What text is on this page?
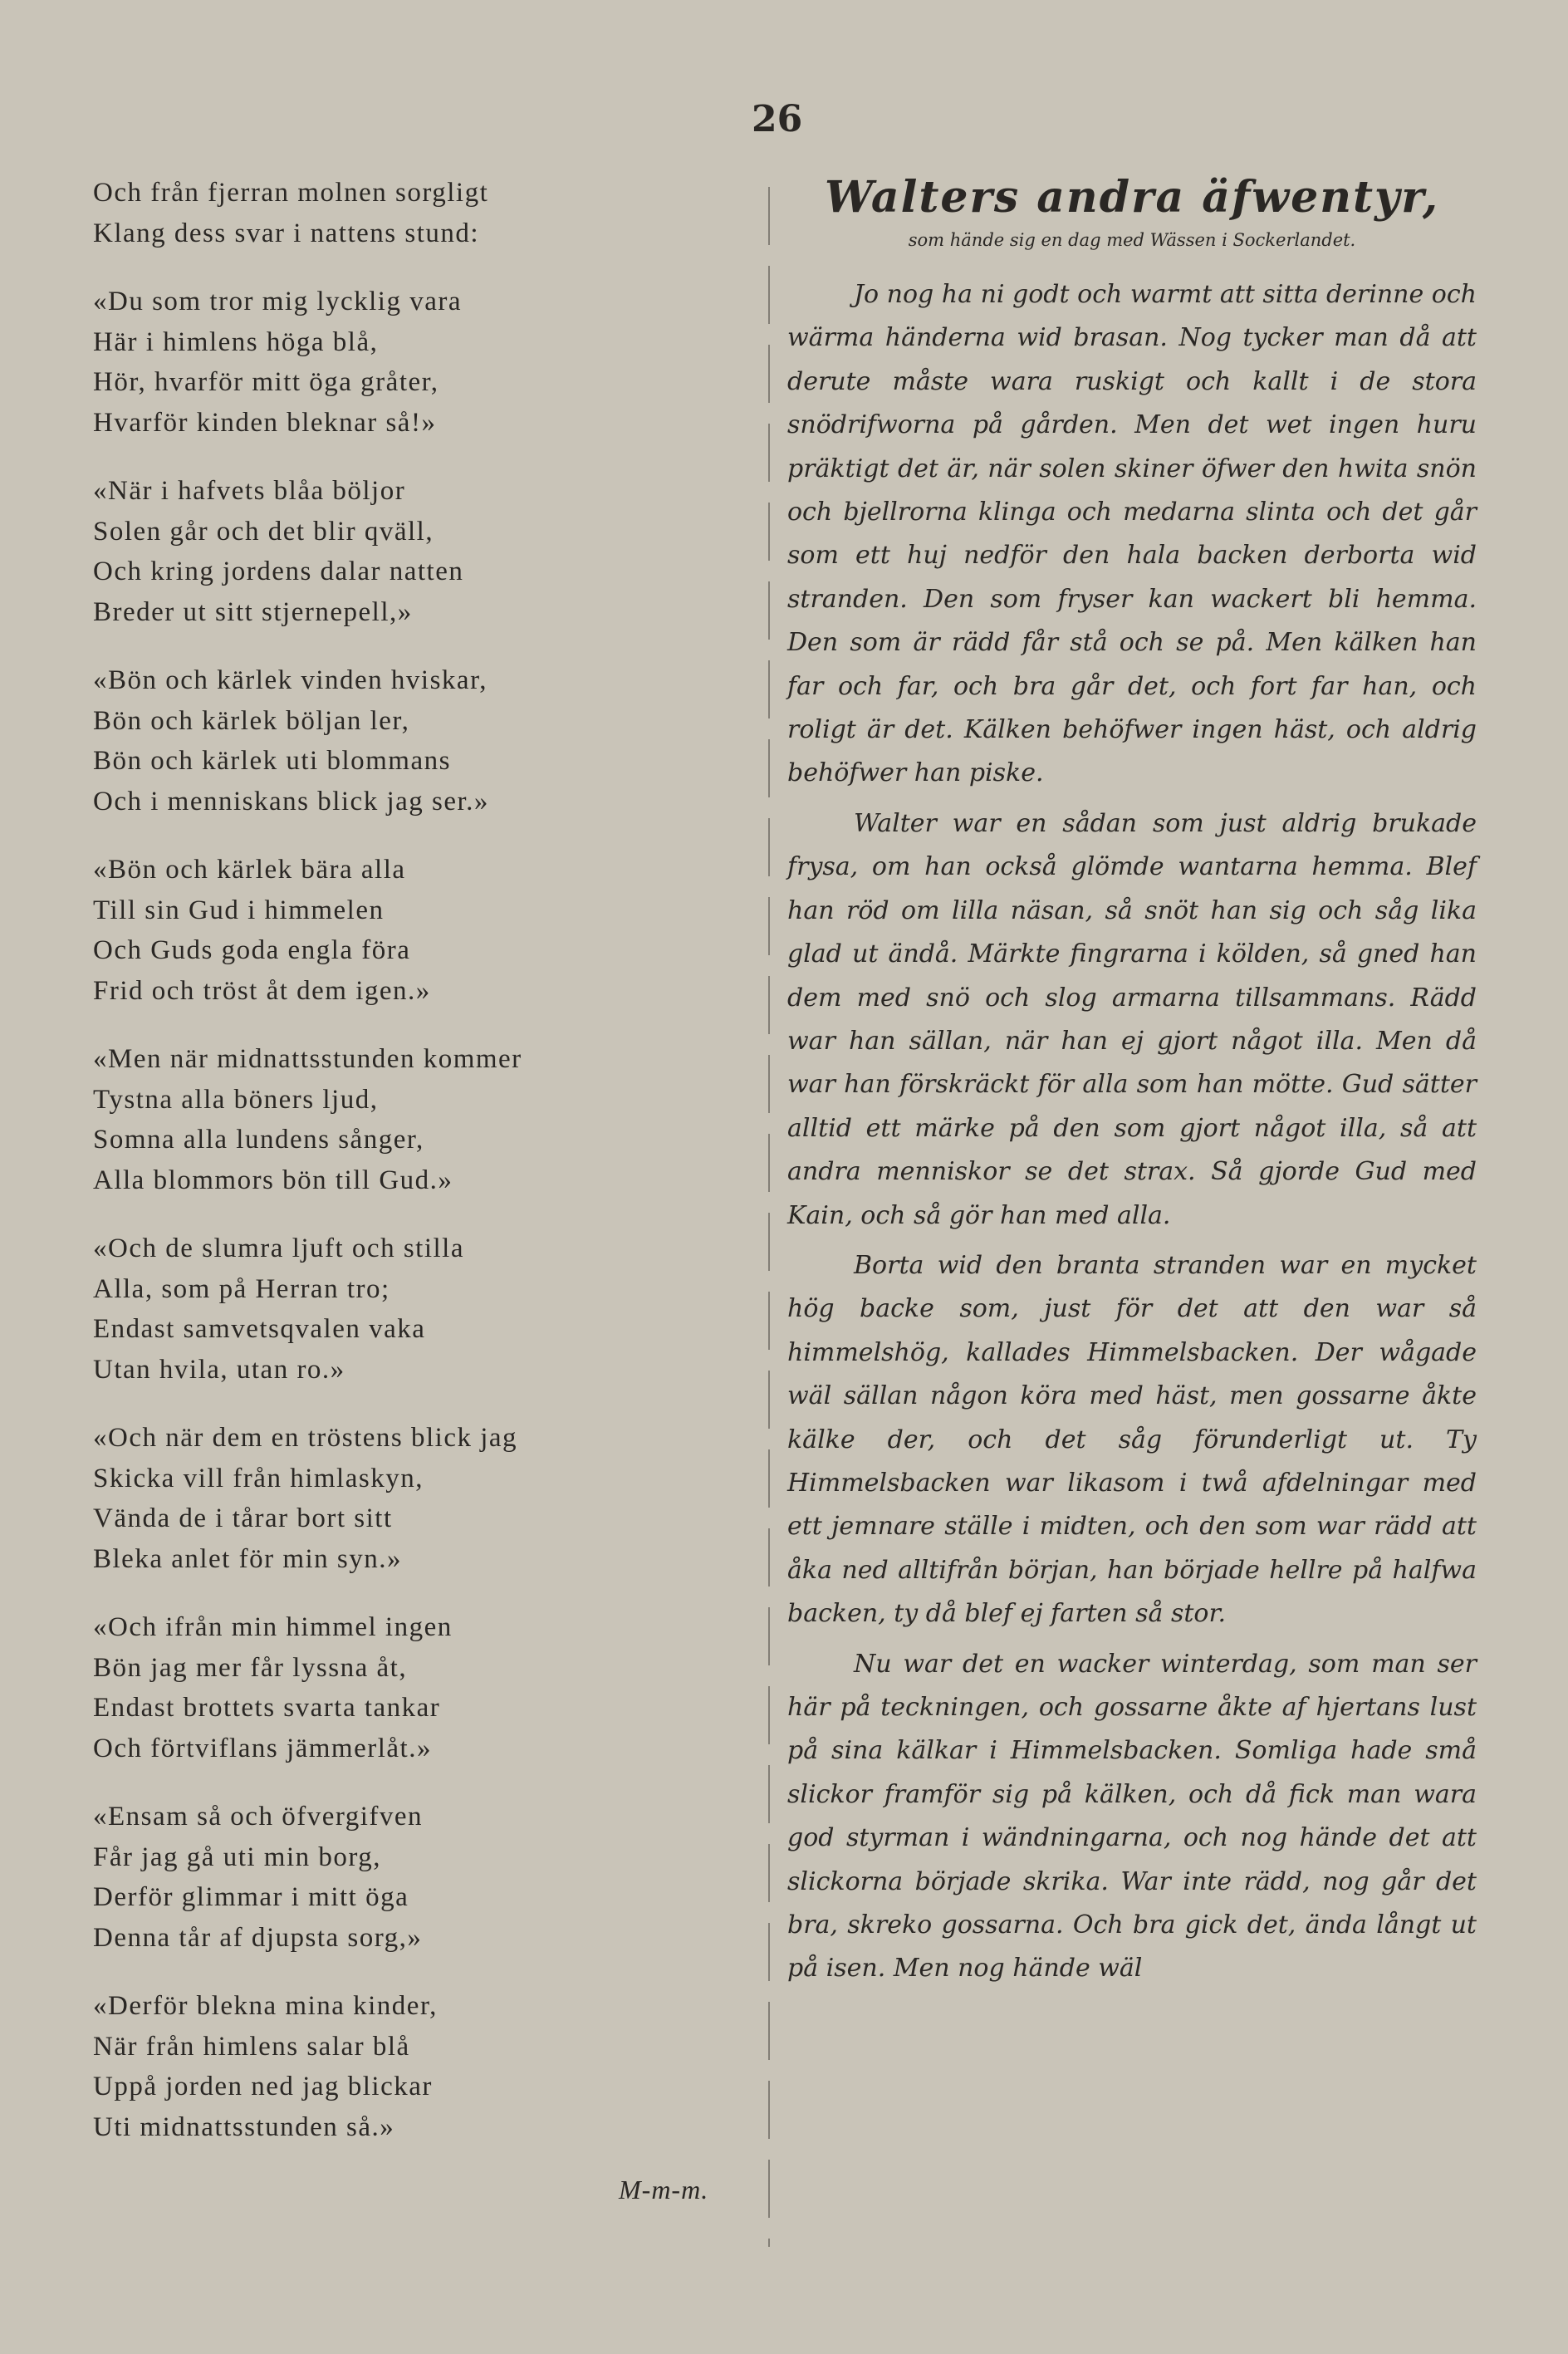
26
Och från fjerran molnen sorgligt
Klang dess svar i nattens stund:
«Du som tror mig lycklig vara
Här i himlens höga blå,
Hör, hvarför mitt öga gråter,
Hvarför kinden bleknar så!»
«När i hafvets blåa böljor
Solen går och det blir qväll,
Och kring jordens dalar natten
Breder ut sitt stjernepell,»
«Bön och kärlek vinden hviskar,
Bön och kärlek böljan ler,
Bön och kärlek uti blommans
Och i menniskans blick jag ser.»
«Bön och kärlek bära alla
Till sin Gud i himmelen
Och Guds goda engla föra
Frid och tröst åt dem igen.»
«Men när midnattsstunden kommer
Tystna alla böners ljud,
Somna alla lundens sånger,
Alla blommors bön till Gud.»
«Och de slumra ljuft och stilla
Alla, som på Herran tro;
Endast samvetsqvalen vaka
Utan hvila, utan ro.»
«Och när dem en tröstens blick jag
Skicka vill från himlaskyn,
Vända de i tårar bort sitt
Bleka anlet för min syn.»
«Och ifrån min himmel ingen
Bön jag mer får lyssna åt,
Endast brottets svarta tankar
Och förtviflans jämmerlåt.»
«Ensam så och öfvergifven
Får jag gå uti min borg,
Derför glimmar i mitt öga
Denna tår af djupsta sorg,»
«Derför bleknа mina kinder,
När från himlens salar blå
Uppå jorden ned jag blickar
Uti midnattsstunden så.»
M-m-m.
Walters andra äfwentyr,
som hände sig en dag med Wässen i Sockerlandet.

Jo nog ha ni godt och warmt att sitta derinne och wärma händerna wid brasan. Nog tycker man då att derute måste wara ruskigt och kallt i de stora snödrifworna på gården. Men det wet ingen huru präktigt det är, när solen skiner öfwer den hwita snön och bjellrorna klinga och medarna slinta och det går som ett huj nedför den hala backen derborta wid stranden. Den som fryser kan wackert bli hemma. Den som är rädd får stå och se på. Men kälken han far och far, och bra går det, och fort far han, och roligt är det. Kälken behöfwer ingen häst, och aldrig behöfwer han piske.

Walter war en sådan som just aldrig brukade frysa, om han också glömde wantarna hemma. Blef han röd om lilla näsan, så snöt han sig och såg lika glad ut ändå. Märkte fingrarna i kölden, så gned han dem med snö och slog armarna tillsammans. Rädd war han sällan, när han ej gjort något illa. Men då war han förskräckt för alla som han mötte. Gud sätter alltid ett märke på den som gjort något illa, så att andra menniskor se det strax. Så gjorde Gud med Kain, och så gör han med alla.

Borta wid den branta stranden war en mycket hög backe som, just för det att den war så himmelshög, kallades Himmelsbacken. Der wågade wäl sällan någon köra med häst, men gossarne åkte kälke der, och det såg förunderligt ut. Ty Himmelsbacken war likasom i twå afdelningar med ett jemnare ställe i midten, och den som war rädd att åka ned alltifrån början, han började hellre på halfwa backen, ty då blef ej farten så stor.

Nu war det en wacker winterdag, som man ser här på teckningen, och gossarne åkte af hjertans lust på sina kälkar i Himmelsbacken. Somliga hade små slickor framför sig på kälken, och då fick man wara god styrman i wändningarna, och nog hände det att slickorna började skrika. War inte rädd, nog går det bra, skreko gossarna. Och bra gick det, ända långt ut på isen. Men nog hände wäl
